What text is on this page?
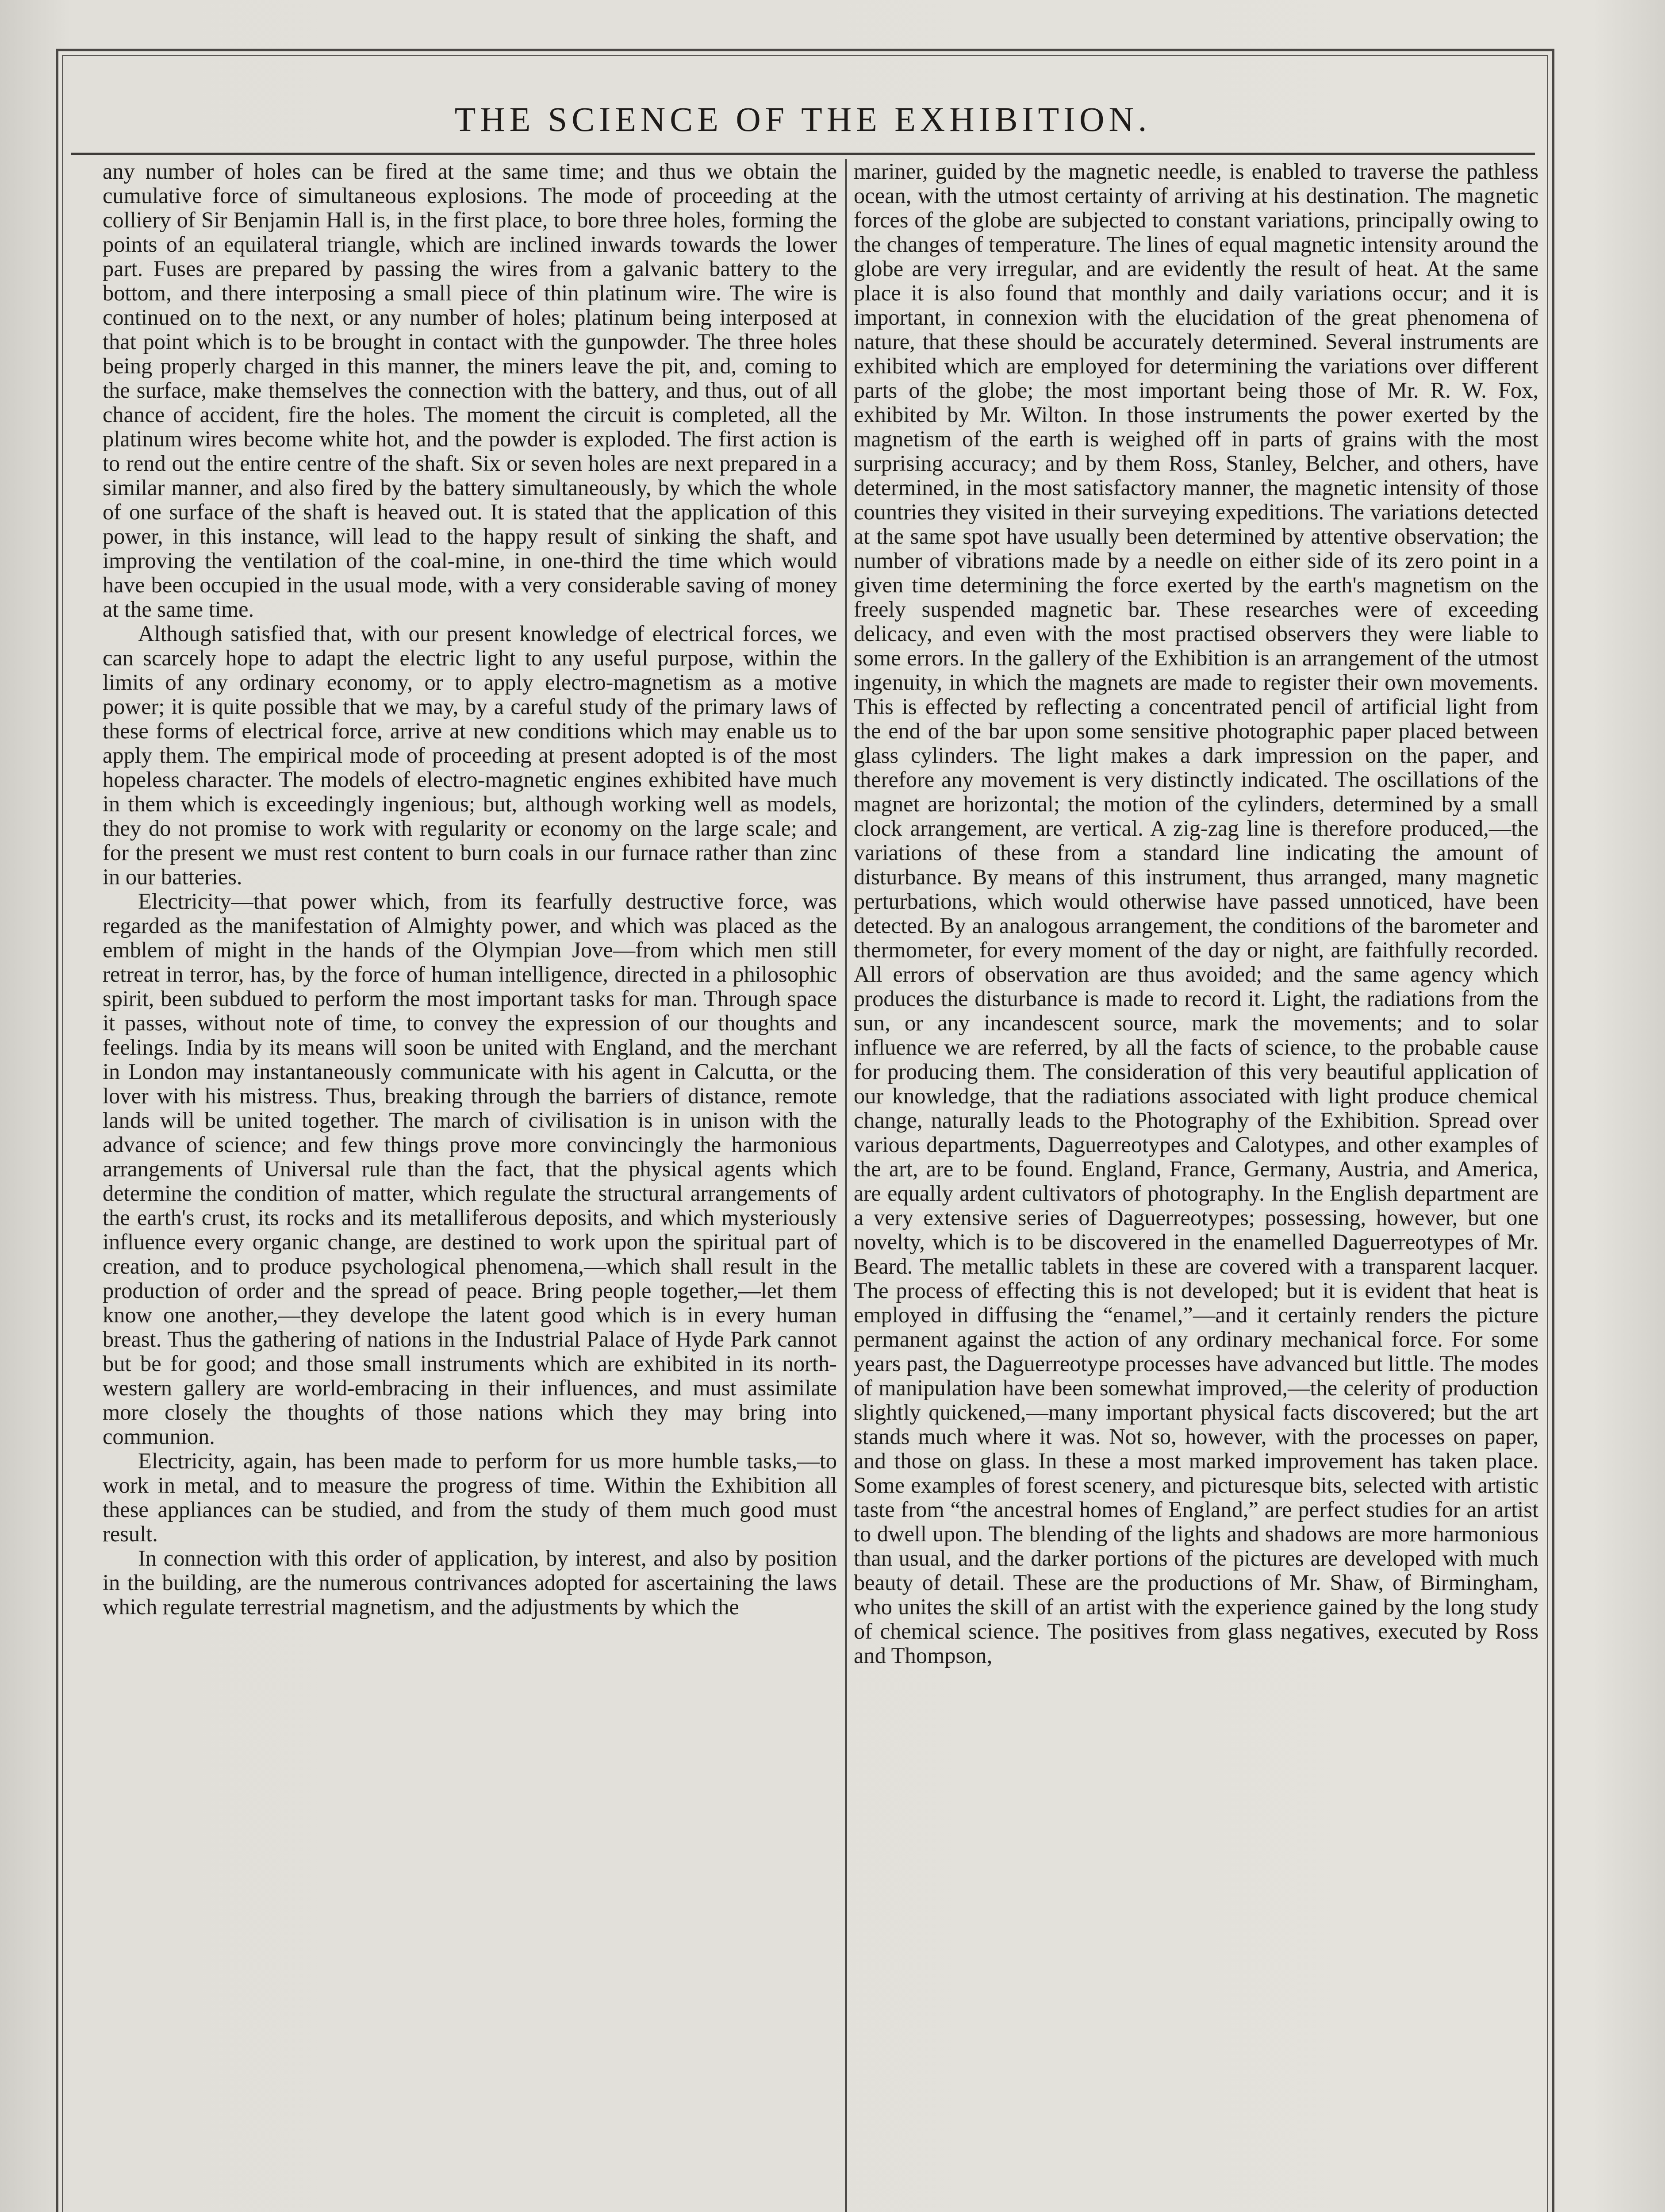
THE SCIENCE OF THE EXHIBITION.

any number of holes can be fired at the same time; and thus we obtain the cumulative force of simultaneous explosions. The mode of proceeding at the colliery of Sir Benjamin Hall is, in the first place, to bore three holes, forming the points of an equilateral triangle, which are inclined inwards towards the lower part. Fuses are prepared by passing the wires from a galvanic battery to the bottom, and there interposing a small piece of thin platinum wire. The wire is continued on to the next, or any number of holes; platinum being interposed at that point which is to be brought in contact with the gunpowder. The three holes being properly charged in this manner, the miners leave the pit, and, coming to the surface, make themselves the connection with the battery, and thus, out of all chance of accident, fire the holes. The moment the circuit is completed, all the platinum wires become white hot, and the powder is exploded. The first action is to rend out the entire centre of the shaft. Six or seven holes are next prepared in a similar manner, and also fired by the battery simultaneously, by which the whole of one surface of the shaft is heaved out. It is stated that the application of this power, in this instance, will lead to the happy result of sinking the shaft, and improving the ventilation of the coal-mine, in one-third the time which would have been occupied in the usual mode, with a very considerable saving of money at the same time.

Although satisfied that, with our present knowledge of electrical forces, we can scarcely hope to adapt the electric light to any useful purpose, within the limits of any ordinary economy, or to apply electro-magnetism as a motive power; it is quite possible that we may, by a careful study of the primary laws of these forms of electrical force, arrive at new conditions which may enable us to apply them. The empirical mode of proceeding at present adopted is of the most hopeless character. The models of electro-magnetic engines exhibited have much in them which is exceedingly ingenious; but, although working well as models, they do not promise to work with regularity or economy on the large scale; and for the present we must rest content to burn coals in our furnace rather than zinc in our batteries.

Electricity—that power which, from its fearfully destructive force, was regarded as the manifestation of Almighty power, and which was placed as the emblem of might in the hands of the Olympian Jove—from which men still retreat in terror, has, by the force of human intelligence, directed in a philosophic spirit, been subdued to perform the most important tasks for man. Through space it passes, without note of time, to convey the expression of our thoughts and feelings. India by its means will soon be united with England, and the merchant in London may instantaneously communicate with his agent in Calcutta, or the lover with his mistress. Thus, breaking through the barriers of distance, remote lands will be united together. The march of civilisation is in unison with the advance of science; and few things prove more convincingly the harmonious arrangements of Universal rule than the fact, that the physical agents which determine the condition of matter, which regulate the structural arrangements of the earth's crust, its rocks and its metalliferous deposits, and which mysteriously influence every organic change, are destined to work upon the spiritual part of creation, and to produce psychological phenomena,—which shall result in the production of order and the spread of peace. Bring people together,—let them know one another,—they develope the latent good which is in every human breast. Thus the gathering of nations in the Industrial Palace of Hyde Park cannot but be for good; and those small instruments which are exhibited in its north-western gallery are world-embracing in their influences, and must assimilate more closely the thoughts of those nations which they may bring into communion.

Electricity, again, has been made to perform for us more humble tasks,—to work in metal, and to measure the progress of time. Within the Exhibition all these appliances can be studied, and from the study of them much good must result.

In connection with this order of application, by interest, and also by position in the building, are the numerous contrivances adopted for ascertaining the laws which regulate terrestrial magnetism, and the adjustments by which the

mariner, guided by the magnetic needle, is enabled to traverse the pathless ocean, with the utmost certainty of arriving at his destination. The magnetic forces of the globe are subjected to constant variations, principally owing to the changes of temperature. The lines of equal magnetic intensity around the globe are very irregular, and are evidently the result of heat. At the same place it is also found that monthly and daily variations occur; and it is important, in connexion with the elucidation of the great phenomena of nature, that these should be accurately determined. Several instruments are exhibited which are employed for determining the variations over different parts of the globe; the most important being those of Mr. R. W. Fox, exhibited by Mr. Wilton. In those instruments the power exerted by the magnetism of the earth is weighed off in parts of grains with the most surprising accuracy; and by them Ross, Stanley, Belcher, and others, have determined, in the most satisfactory manner, the magnetic intensity of those countries they visited in their surveying expeditions. The variations detected at the same spot have usually been determined by attentive observation; the number of vibrations made by a needle on either side of its zero point in a given time determining the force exerted by the earth's magnetism on the freely suspended magnetic bar. These researches were of exceeding delicacy, and even with the most practised observers they were liable to some errors. In the gallery of the Exhibition is an arrangement of the utmost ingenuity, in which the magnets are made to register their own movements. This is effected by reflecting a concentrated pencil of artificial light from the end of the bar upon some sensitive photographic paper placed between glass cylinders. The light makes a dark impression on the paper, and therefore any movement is very distinctly indicated. The oscillations of the magnet are horizontal; the motion of the cylinders, determined by a small clock arrangement, are vertical. A zig-zag line is therefore produced,—the variations of these from a standard line indicating the amount of disturbance. By means of this instrument, thus arranged, many magnetic perturbations, which would otherwise have passed unnoticed, have been detected. By an analogous arrangement, the conditions of the barometer and thermometer, for every moment of the day or night, are faithfully recorded. All errors of observation are thus avoided; and the same agency which produces the disturbance is made to record it. Light, the radiations from the sun, or any incandescent source, mark the movements; and to solar influence we are referred, by all the facts of science, to the probable cause for producing them. The consideration of this very beautiful application of our knowledge, that the radiations associated with light produce chemical change, naturally leads to the Photography of the Exhibition. Spread over various departments, Daguerreotypes and Calotypes, and other examples of the art, are to be found. England, France, Germany, Austria, and America, are equally ardent cultivators of photography. In the English department are a very extensive series of Daguerreotypes; possessing, however, but one novelty, which is to be discovered in the enamelled Daguerreotypes of Mr. Beard. The metallic tablets in these are covered with a transparent lacquer. The process of effecting this is not developed; but it is evident that heat is employed in diffusing the “enamel,”—and it certainly renders the picture permanent against the action of any ordinary mechanical force. For some years past, the Daguerreotype processes have advanced but little. The modes of manipulation have been somewhat improved,—the celerity of production slightly quickened,—many important physical facts discovered; but the art stands much where it was. Not so, however, with the processes on paper, and those on glass. In these a most marked improvement has taken place. Some examples of forest scenery, and picturesque bits, selected with artistic taste from “the ancestral homes of England,” are perfect studies for an artist to dwell upon. The blending of the lights and shadows are more harmonious than usual, and the darker portions of the pictures are developed with much beauty of detail. These are the productions of Mr. Shaw, of Birmingham, who unites the skill of an artist with the experience gained by the long study of chemical science. The positives from glass negatives, executed by Ross and Thompson,
